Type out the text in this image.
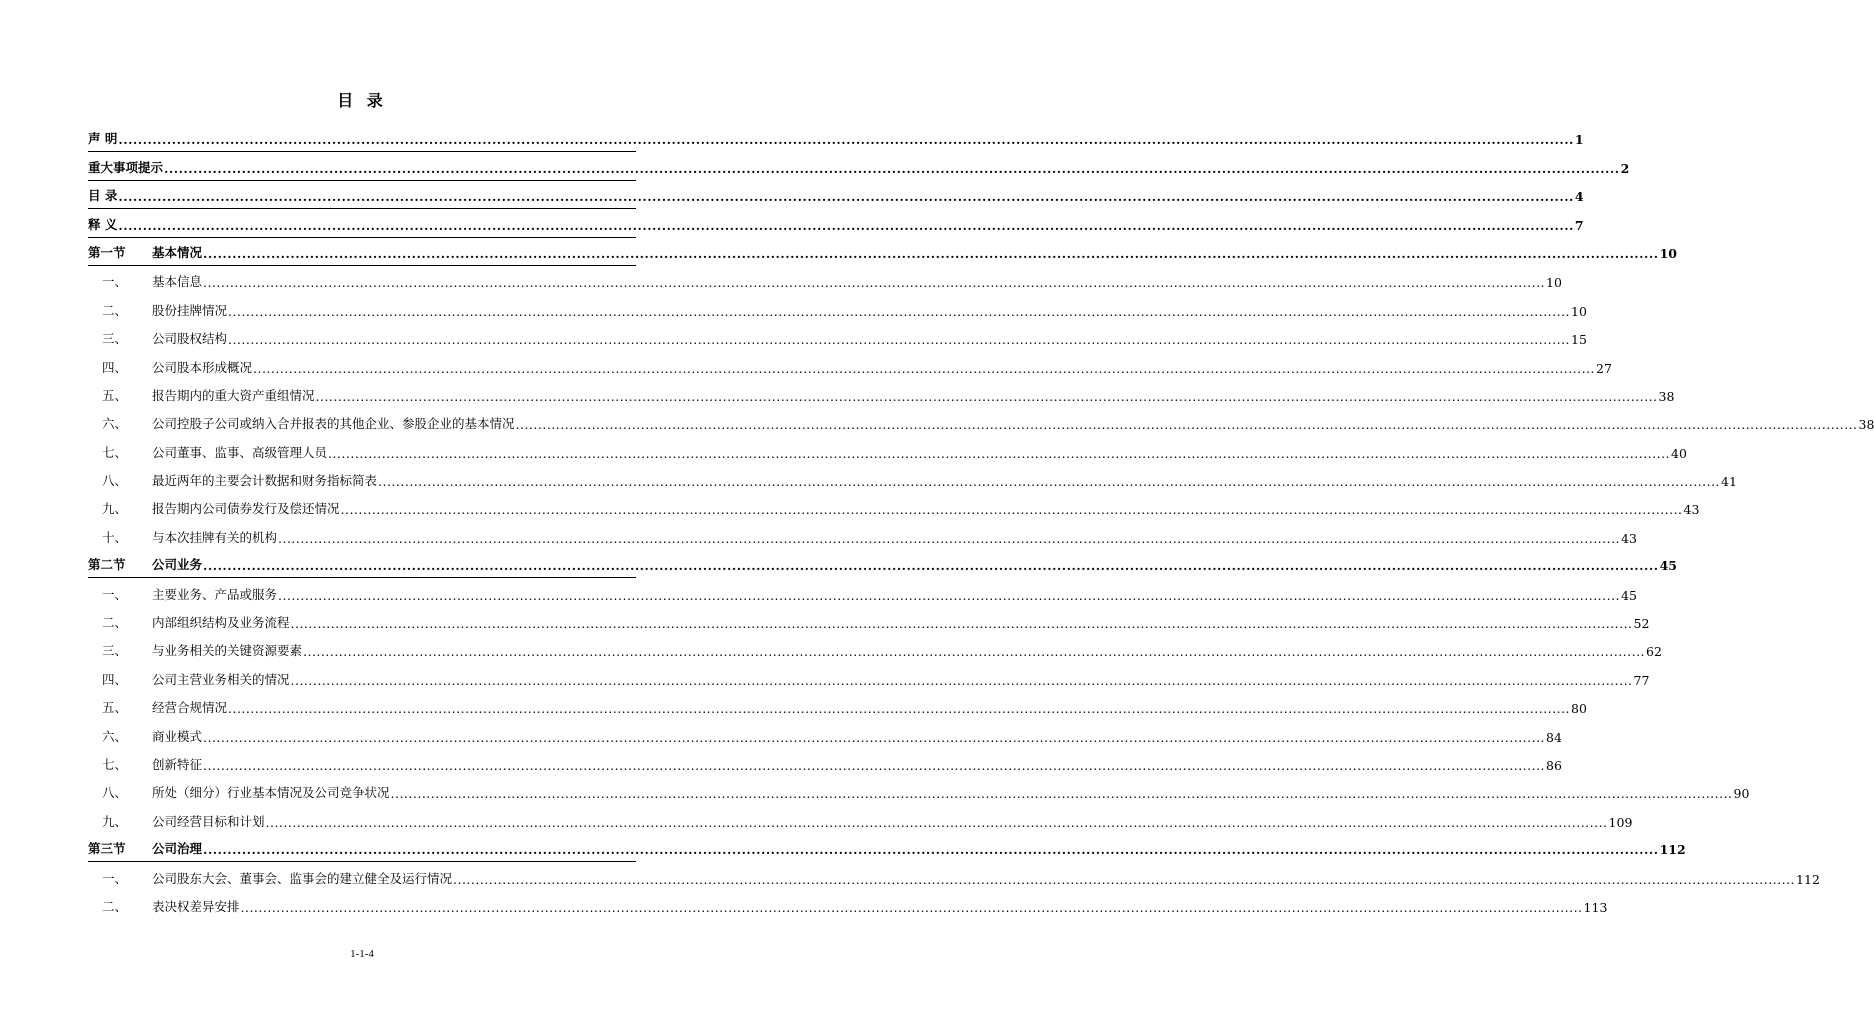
目 录
声 明 ............................................................................................................................................................................................................................................................................................................ 1
重大事项提示 ............................................................................................................................................................................................................................................................................................................ 2
目 录 ............................................................................................................................................................................................................................................................................................................ 4
释 义 ............................................................................................................................................................................................................................................................................................................ 7
第一节	基本情况 ............................................................................................................................................................................................................................................................................................................ 10
一、	基本信息 ............................................................................................................................................................................................................................................................................................................ 10
二、	股份挂牌情况 ............................................................................................................................................................................................................................................................................................................ 10
三、	公司股权结构 ............................................................................................................................................................................................................................................................................................................ 15
四、	公司股本形成概况 ............................................................................................................................................................................................................................................................................................................ 27
五、	报告期内的重大资产重组情况 ............................................................................................................................................................................................................................................................................................................ 38
六、	公司控股子公司或纳入合并报表的其他企业、参股企业的基本情况 ............................................................................................................................................................................................................................................................................................................ 38
七、	公司董事、监事、高级管理人员 ............................................................................................................................................................................................................................................................................................................ 40
八、	最近两年的主要会计数据和财务指标简表 ............................................................................................................................................................................................................................................................................................................ 41
九、	报告期内公司债券发行及偿还情况 ............................................................................................................................................................................................................................................................................................................ 43
十、	与本次挂牌有关的机构 ............................................................................................................................................................................................................................................................................................................ 43
第二节	公司业务 ............................................................................................................................................................................................................................................................................................................ 45
一、	主要业务、产品或服务 ............................................................................................................................................................................................................................................................................................................ 45
二、	内部组织结构及业务流程 ............................................................................................................................................................................................................................................................................................................ 52
三、	与业务相关的关键资源要素 ............................................................................................................................................................................................................................................................................................................ 62
四、	公司主营业务相关的情况 ............................................................................................................................................................................................................................................................................................................ 77
五、	经营合规情况 ............................................................................................................................................................................................................................................................................................................ 80
六、	商业模式 ............................................................................................................................................................................................................................................................................................................ 84
七、	创新特征 ............................................................................................................................................................................................................................................................................................................ 86
八、	所处（细分）行业基本情况及公司竞争状况 ............................................................................................................................................................................................................................................................................................................ 90
九、	公司经营目标和计划 ............................................................................................................................................................................................................................................................................................................ 109
第三节	公司治理 ............................................................................................................................................................................................................................................................................................................ 112
一、	公司股东大会、董事会、监事会的建立健全及运行情况 ............................................................................................................................................................................................................................................................................................................ 112
二、	表决权差异安排 ............................................................................................................................................................................................................................................................................................................ 113
1-1-4
